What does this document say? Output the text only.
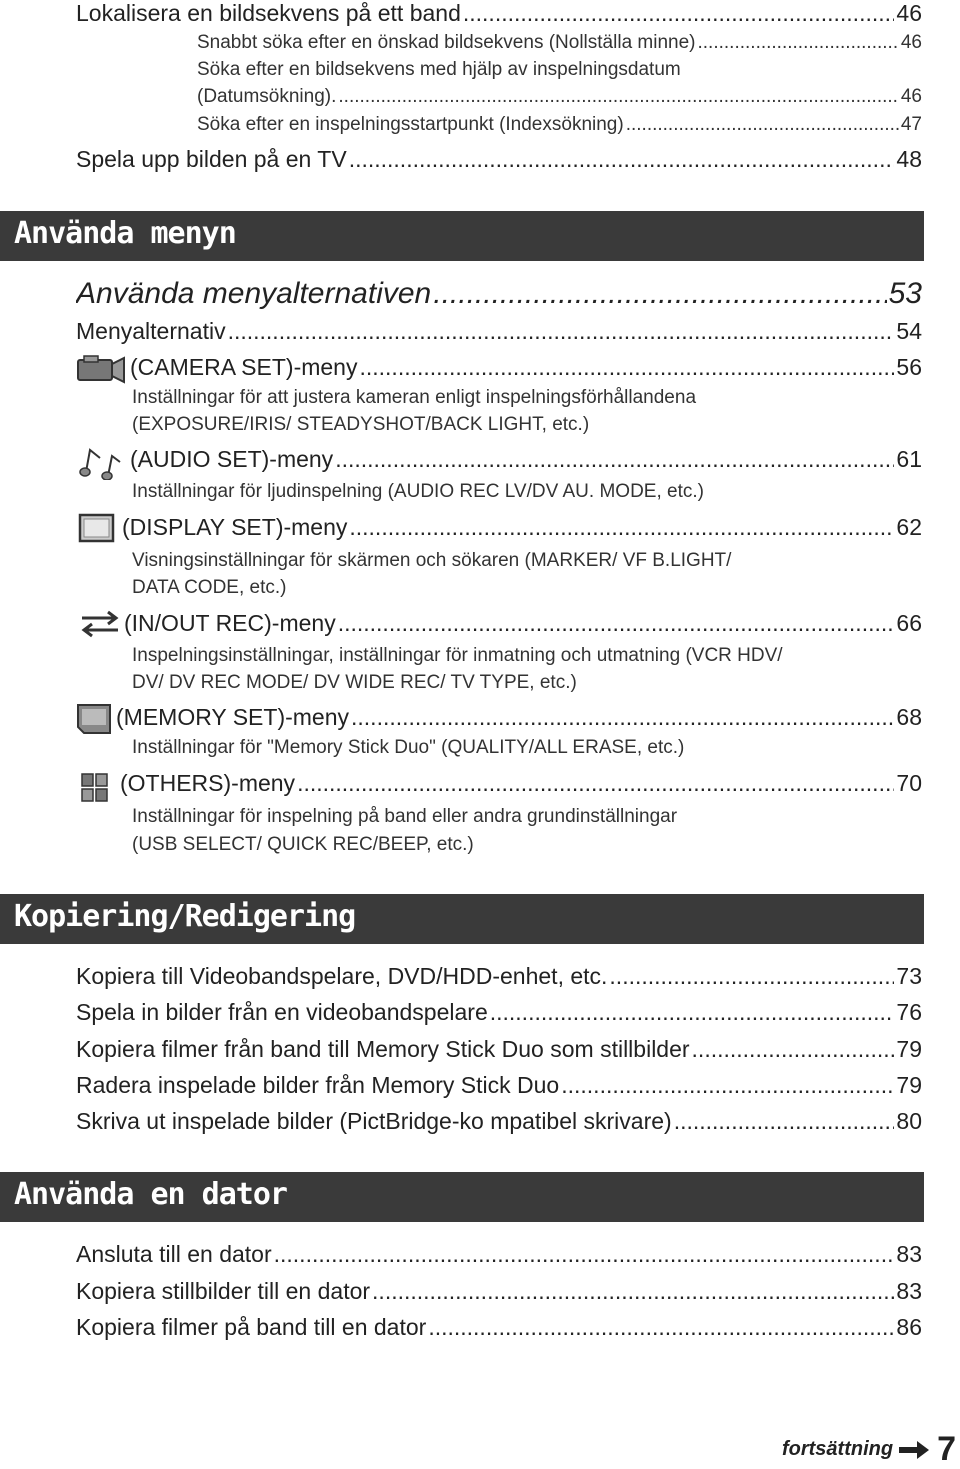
Lokalisera en bildsekvens på ett band .....	46
Snabbt söka efter en önskad bildsekvens (Nollställa minne) .....	46
Söka efter en bildsekvens med hjälp av inspelningsdatum
(Datumsökning). .....	46
Söka efter en inspelningsstartpunkt (Indexsökning) .....	47
Spela upp bilden på en TV .....	48
Använda menyn
Använda menyalternativen .....	53
Menyalternativ .....	54
(CAMERA SET)-meny .....	56
Inställningar för att justera kameran enligt inspelningsförhållandena
(EXPOSURE/IRIS/ STEADYSHOT/BACK LIGHT, etc.)
(AUDIO SET)-meny .....	61
Inställningar för ljudinspelning (AUDIO REC LV/DV AU. MODE, etc.)
(DISPLAY SET)-meny .....	62
Visningsinställningar för skärmen och sökaren (MARKER/ VF B.LIGHT/
DATA CODE, etc.)
(IN/OUT REC)-meny .....	66
Inspelningsinställningar, inställningar för inmatning och utmatning (VCR HDV/
DV/ DV REC MODE/ DV WIDE REC/ TV TYPE, etc.)
(MEMORY SET)-meny .....	68
Inställningar för "Memory Stick Duo" (QUALITY/ALL ERASE, etc.)
(OTHERS)-meny .....	70
Inställningar för inspelning på band eller andra grundinställningar
(USB SELECT/ QUICK REC/BEEP, etc.)
Kopiering/Redigering
Kopiera till Videobandspelare, DVD/HDD-enhet, etc. .....	73
Spela in bilder från en videobandspelare .....	76
Kopiera filmer från band till Memory Stick Duo som stillbilder .....	79
Radera inspelade bilder från Memory Stick Duo .....	79
Skriva ut inspelade bilder (PictBridge-ko mpatibel skrivare) .....	80
Använda en dator
Ansluta till en dator .....	83
Kopiera stillbilder till en dator .....	83
Kopiera filmer på band till en dator .....	86
fortsättning 7
